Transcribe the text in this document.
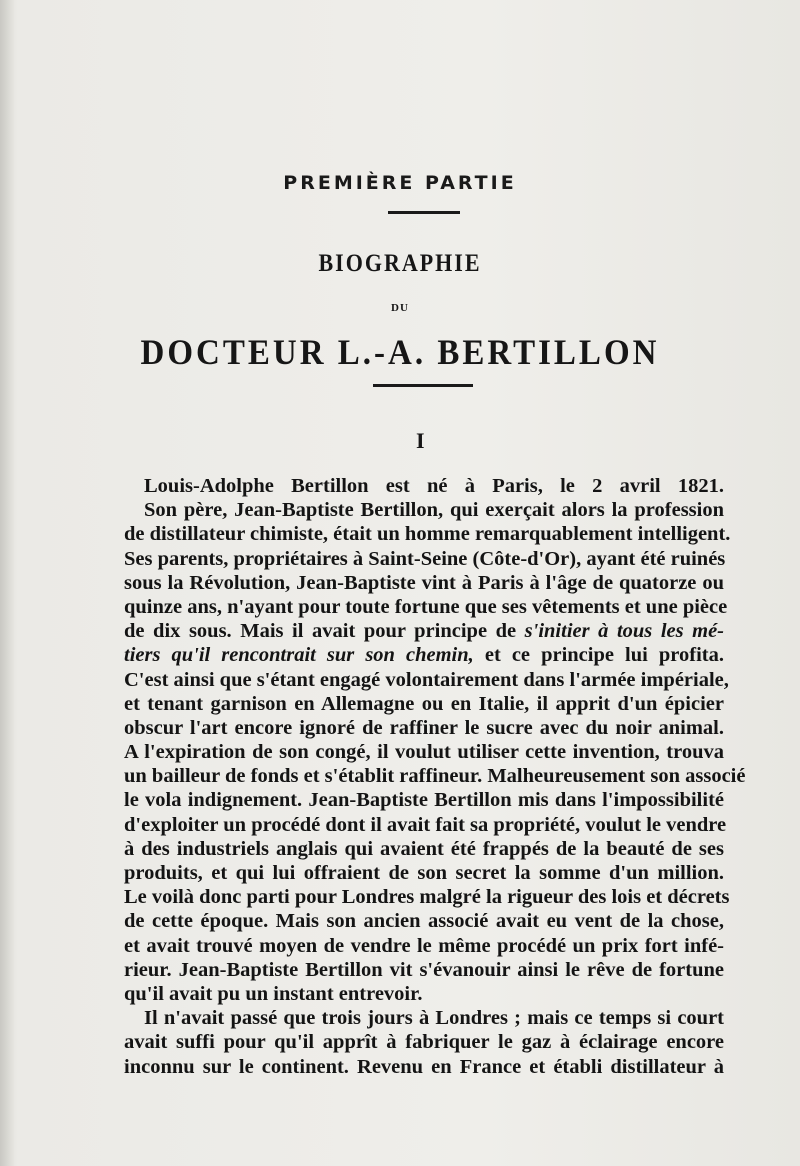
PREMIÈRE PARTIE
BIOGRAPHIE
DU
DOCTEUR L.-A. BERTILLON
I
Louis-Adolphe Bertillon est né à Paris, le 2 avril 1821.
Son père, Jean-Baptiste Bertillon, qui exerçait alors la profession
de distillateur chimiste, était un homme remarquablement intelligent.
Ses parents, propriétaires à Saint-Seine (Côte-d'Or), ayant été ruinés
sous la Révolution, Jean-Baptiste vint à Paris à l'âge de quatorze ou
quinze ans, n'ayant pour toute fortune que ses vêtements et une pièce
de dix sous. Mais il avait pour principe de s'initier à tous les mé-
tiers qu'il rencontrait sur son chemin, et ce principe lui profita.
C'est ainsi que s'étant engagé volontairement dans l'armée impériale,
et tenant garnison en Allemagne ou en Italie, il apprit d'un épicier
obscur l'art encore ignoré de raffiner le sucre avec du noir animal.
A l'expiration de son congé, il voulut utiliser cette invention, trouva
un bailleur de fonds et s'établit raffineur. Malheureusement son associé
le vola indignement. Jean-Baptiste Bertillon mis dans l'impossibilité
d'exploiter un procédé dont il avait fait sa propriété, voulut le vendre
à des industriels anglais qui avaient été frappés de la beauté de ses
produits, et qui lui offraient de son secret la somme d'un million.
Le voilà donc parti pour Londres malgré la rigueur des lois et décrets
de cette époque. Mais son ancien associé avait eu vent de la chose,
et avait trouvé moyen de vendre le même procédé un prix fort infé-
rieur. Jean-Baptiste Bertillon vit s'évanouir ainsi le rêve de fortune
qu'il avait pu un instant entrevoir.
Il n'avait passé que trois jours à Londres ; mais ce temps si court
avait suffi pour qu'il apprît à fabriquer le gaz à éclairage encore
inconnu sur le continent. Revenu en France et établi distillateur à
